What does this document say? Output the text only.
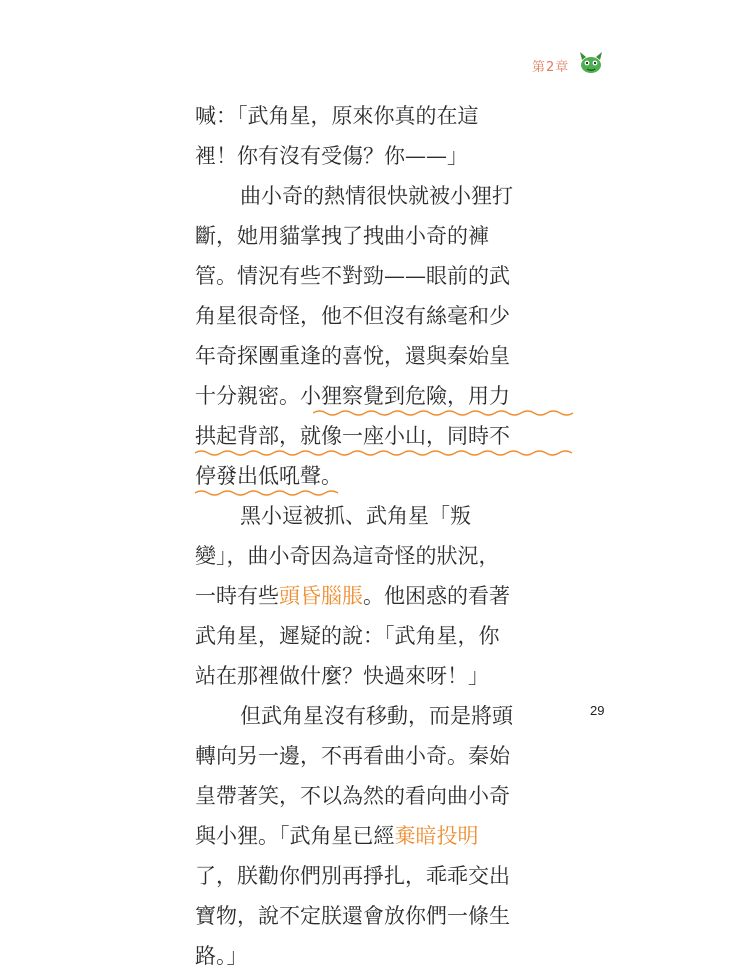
第2章
喊：「武角星，原來你真的在這
裡！你有沒有受傷？你——」
曲小奇的熱情很快就被小狸打
斷，她用貓掌拽了拽曲小奇的褲
管。情況有些不對勁——眼前的武
角星很奇怪，他不但沒有絲毫和少
年奇探團重逢的喜悅，還與秦始皇
十分親密。 小狸察覺到危險，用力
拱起背部，就像一座小山，同時不
停發出低吼聲。
黑小逗被抓、武角星「叛
變」，曲小奇因為這奇怪的狀況，
一時有些 頭昏腦脹 。他困惑的看著
武角星，遲疑的說：「武角星，你
站在那裡做什麼？快過來呀！」
但武角星沒有移動，而是將頭
轉向另一邊，不再看曲小奇。秦始
皇帶著笑，不以為然的看向曲小奇
與小狸。「武角星已經 棄暗投明
了，朕勸你們別再掙扎，乖乖交出
寶物，說不定朕還會放你們一條生
路。」
29
